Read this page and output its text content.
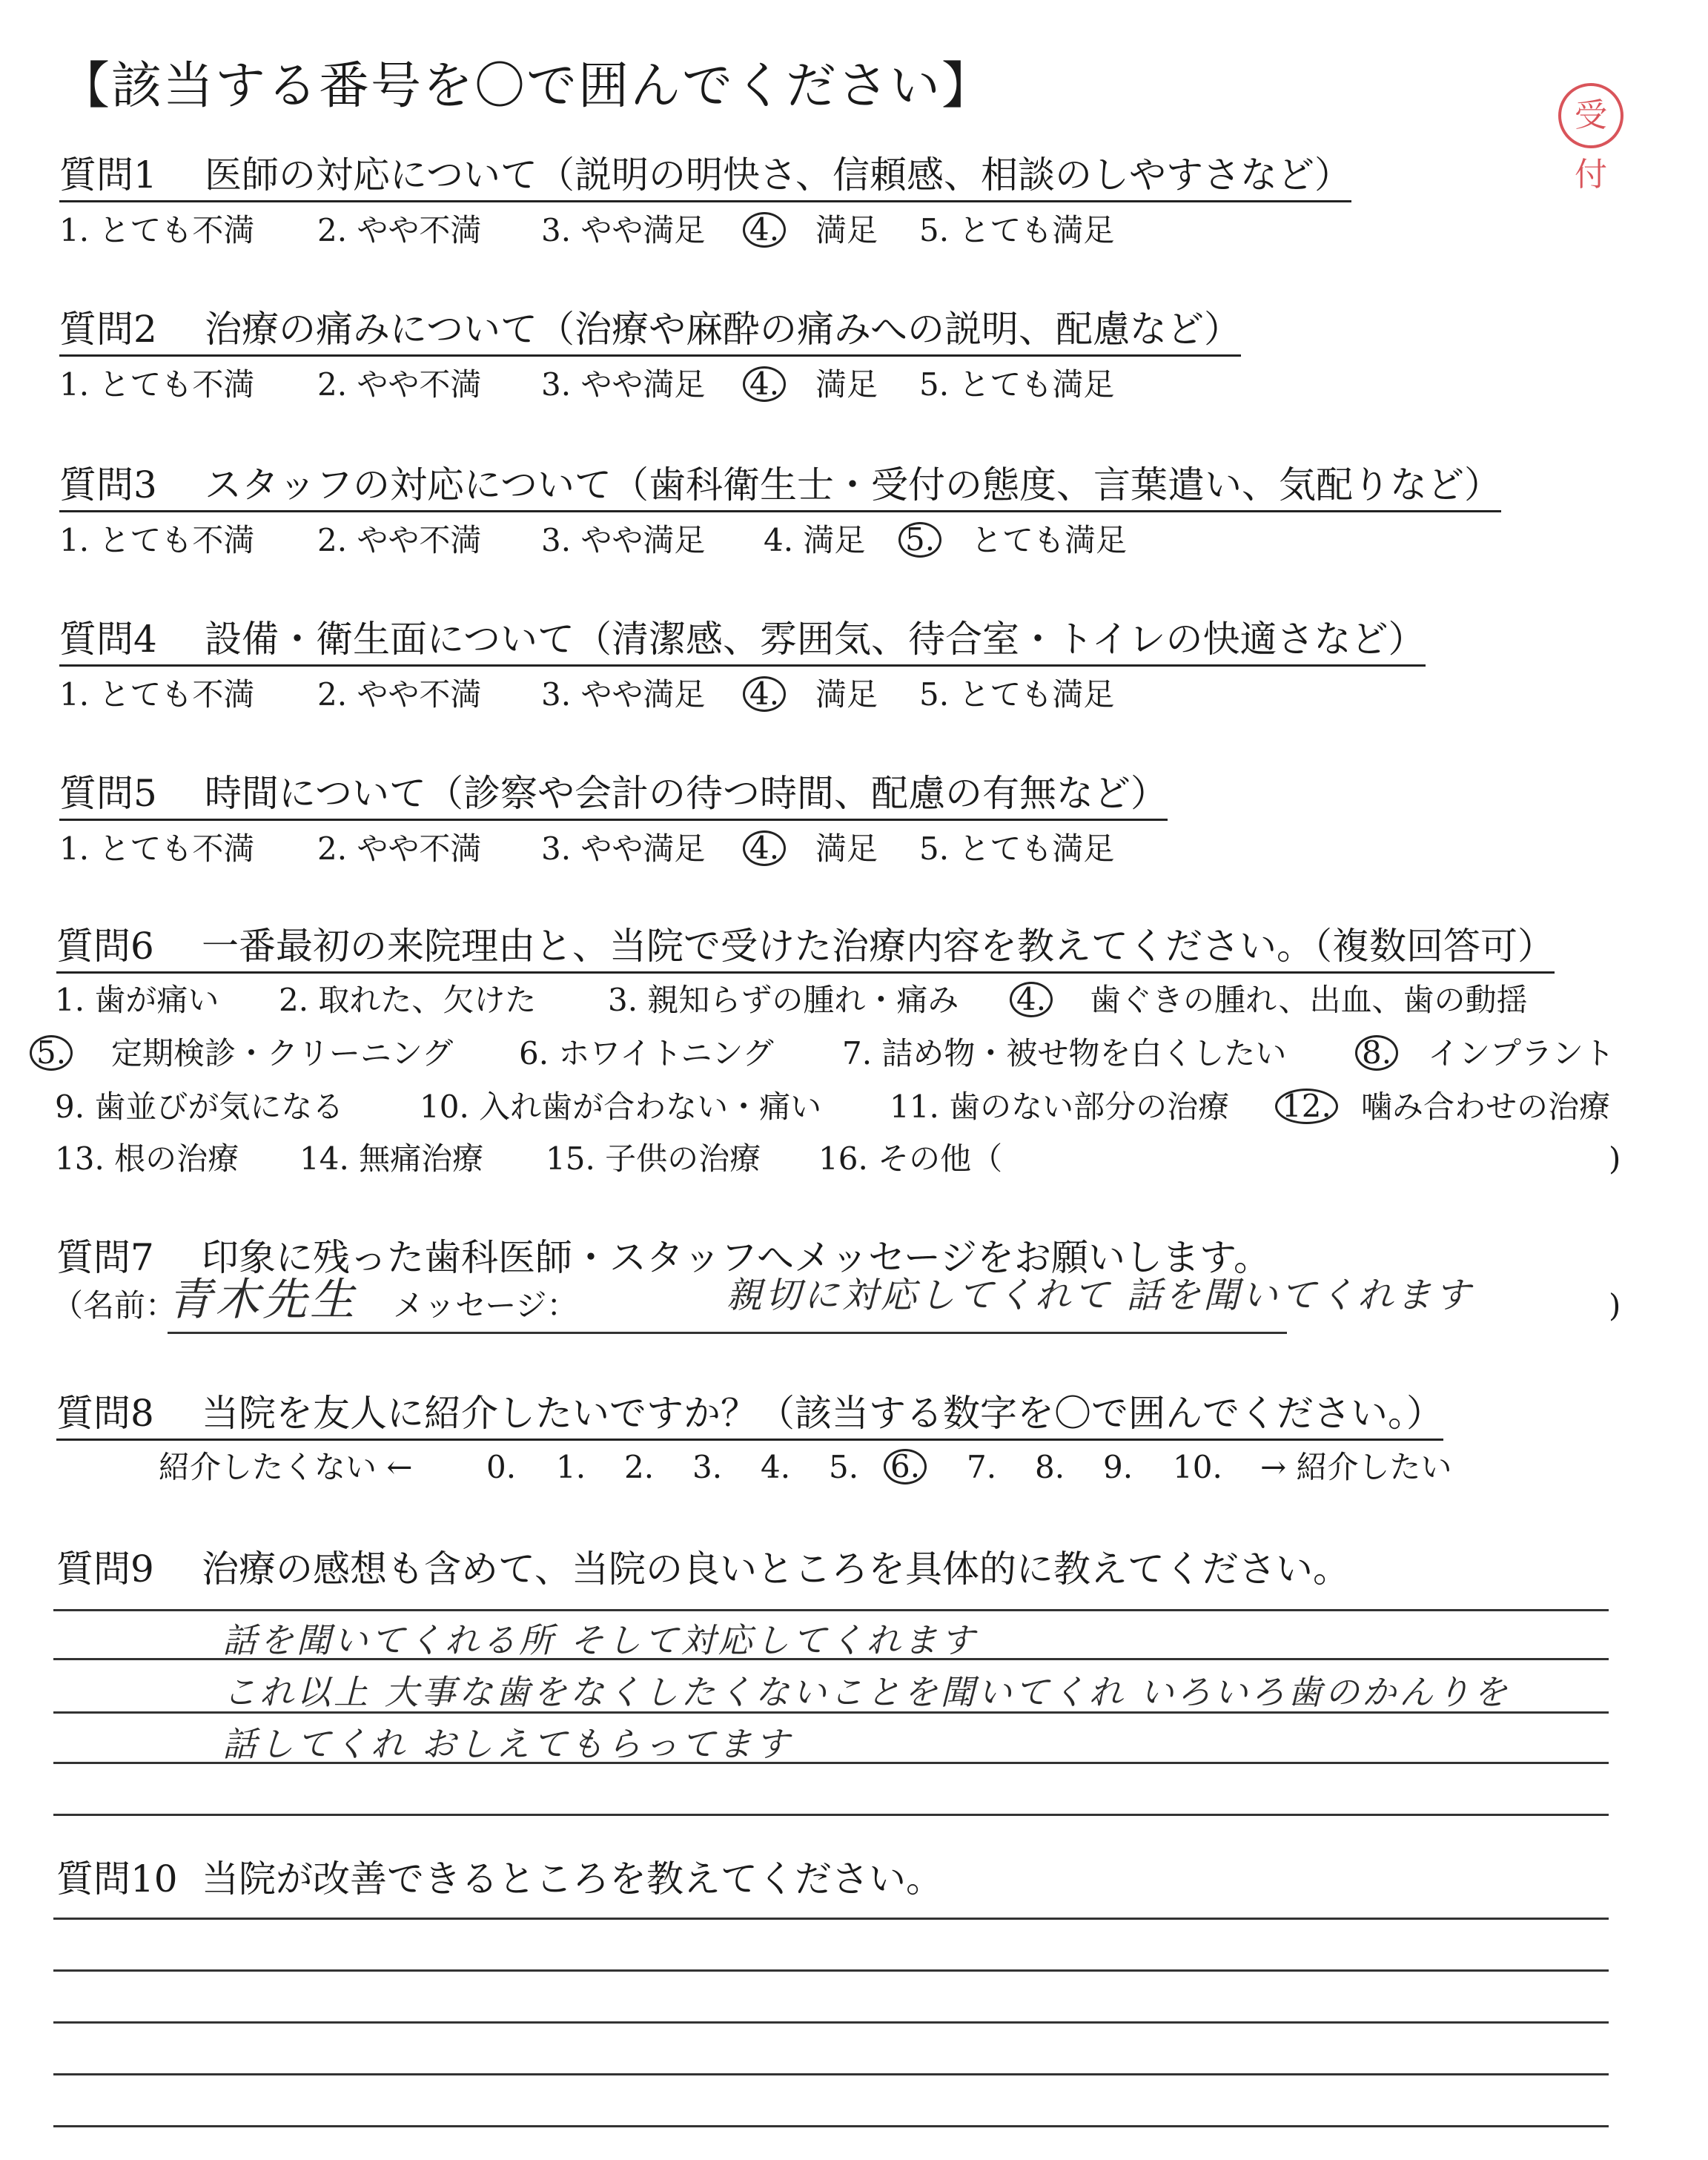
【該当する番号を〇で囲んでください】	受付
質問1 医師の対応について（説明の明快さ、信頼感、相談のしやすさなど）
1. とても不満 2. やや不満 3. やや満足 4. 満足 5. とても満足
質問2 治療の痛みについて（治療や麻酔の痛みへの説明、配慮など）
1. とても不満 2. やや不満 3. やや満足 4. 満足 5. とても満足
質問3 スタッフの対応について（歯科衛生士・受付の態度、言葉遣い、気配りなど）
1. とても不満 2. やや不満 3. やや満足 4. 満足 5. とても満足
質問4 設備・衛生面について（清潔感、雰囲気、待合室・トイレの快適さなど）
1. とても不満 2. やや不満 3. やや満足 4. 満足 5. とても満足
質問5 時間について（診察や会計の待つ時間、配慮の有無など）
1. とても不満 2. やや不満 3. やや満足 4. 満足 5. とても満足
質問6 一番最初の来院理由と、当院で受けた治療内容を教えてください。（複数回答可）
1. 歯が痛い 2. 取れた、欠けた 3. 親知らずの腫れ・痛み 4. 歯ぐきの腫れ、出血、歯の動揺
5. 定期検診・クリーニング 6. ホワイトニング 7. 詰め物・被せ物を白くしたい 8. インプラント
9. 歯並びが気になる 10. 入れ歯が合わない・痛い 11. 歯のない部分の治療 12. 噛み合わせの治療
13. 根の治療 14. 無痛治療 15. 子供の治療 16. その他（	)
質問7 印象に残った歯科医師・スタッフへメッセージをお願いします。
（名前：
青木先生 メッセージ：	親切に対応してくれて 話を聞いてくれます	)
質問8 当院を友人に紹介したいですか？（該当する数字を〇で囲んでください。）
紹介したくない ← 0. 1. 2. 3. 4. 5. 6. 7. 8. 9. 10. → 紹介したい
質問9 治療の感想も含めて、当院の良いところを具体的に教えてください。
話を聞いてくれる所 そして対応してくれます
これ以上 大事な歯をなくしたくないことを聞いてくれ いろいろ歯のかんりを
話してくれ おしえてもらってます
質問10 当院が改善できるところを教えてください。
